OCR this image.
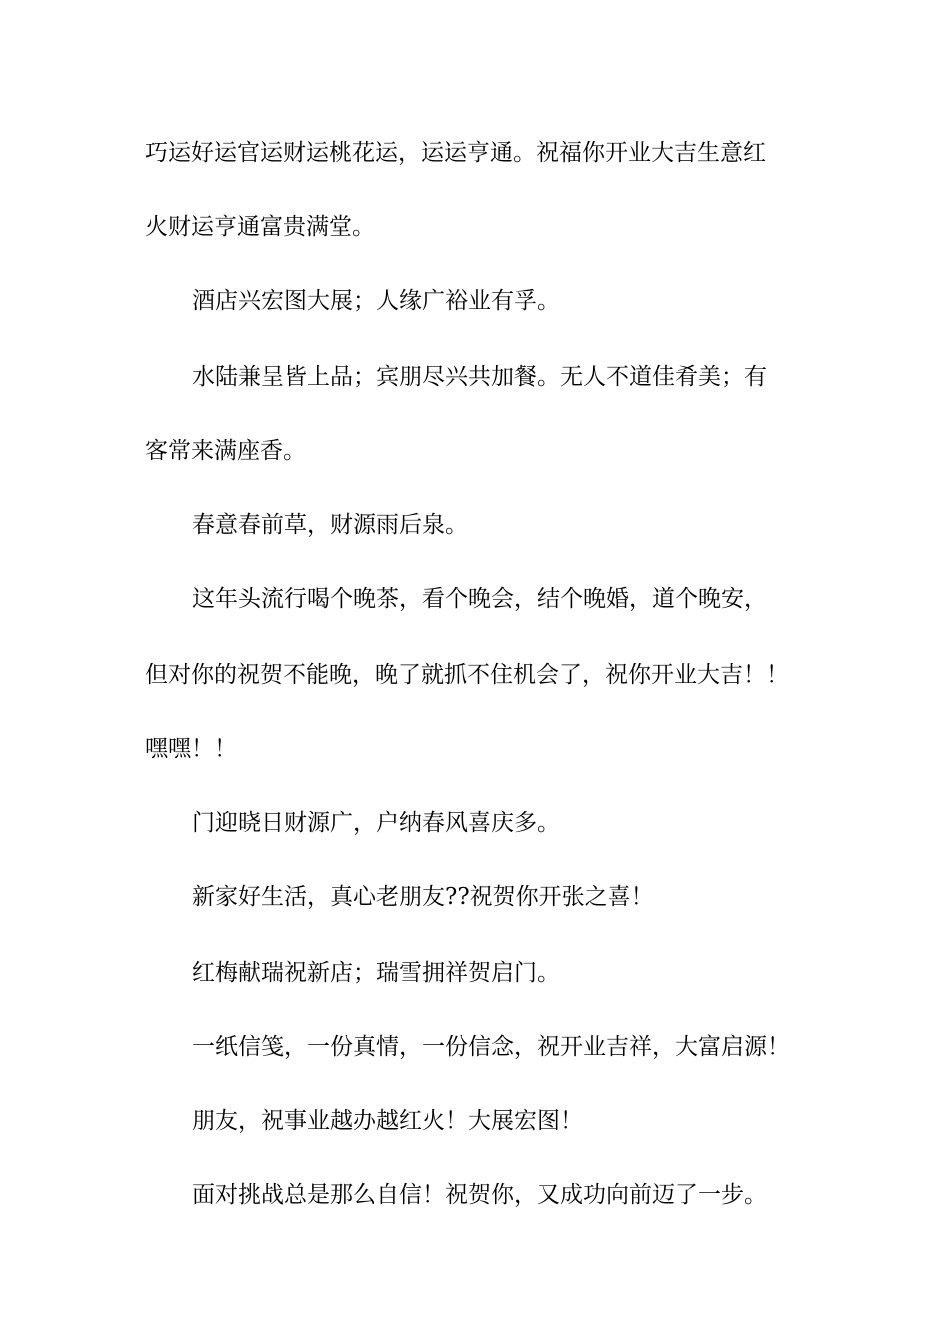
巧运好运官运财运桃花运，运运亨通。祝福你开业大吉生意红

火财运亨通富贵满堂。

酒店兴宏图大展；人缘广裕业有孚。

水陆兼呈皆上品；宾朋尽兴共加餐。无人不道佳肴美；有

客常来满座香。

春意春前草，财源雨后泉。

这年头流行喝个晚茶，看个晚会，结个晚婚，道个晚安，

但对你的祝贺不能晚，晚了就抓不住机会了，祝你开业大吉！！

嘿嘿！！

门迎晓日财源广，户纳春风喜庆多。

新家好生活，真心老朋友??祝贺你开张之喜！

红梅献瑞祝新店；瑞雪拥祥贺启门。

一纸信笺，一份真情，一份信念，祝开业吉祥，大富启源！

朋友，祝事业越办越红火！大展宏图！

面对挑战总是那么自信！祝贺你，又成功向前迈了一步。
